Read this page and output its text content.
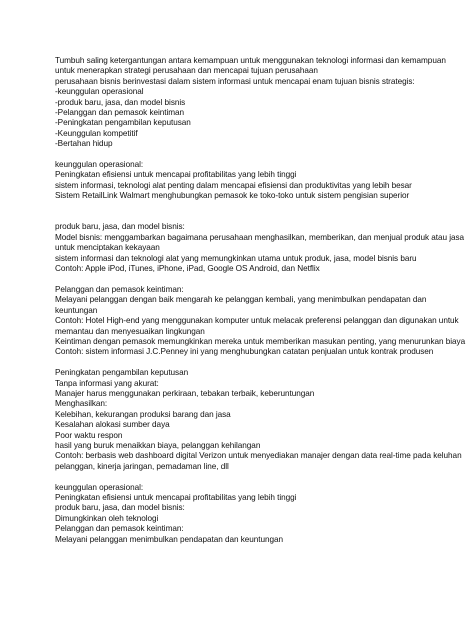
Tumbuh saling ketergantungan antara kemampuan untuk menggunakan teknologi informasi dan kemampuan untuk menerapkan strategi perusahaan dan mencapai tujuan perusahaan
perusahaan bisnis berinvestasi dalam sistem informasi untuk mencapai enam tujuan bisnis strategis:
-keunggulan operasional
-produk baru, jasa, dan model bisnis
-Pelanggan dan pemasok keintiman
-Peningkatan pengambilan keputusan
-Keunggulan kompetitif
-Bertahan hidup
keunggulan operasional:
Peningkatan efisiensi untuk mencapai profitabilitas yang lebih tinggi
sistem informasi, teknologi alat penting dalam mencapai efisiensi dan produktivitas yang lebih besar
Sistem RetailLink Walmart menghubungkan pemasok ke toko-toko untuk sistem pengisian superior
produk baru, jasa, dan model bisnis:
Model bisnis: menggambarkan bagaimana perusahaan menghasilkan, memberikan, dan menjual produk atau jasa untuk menciptakan kekayaan
sistem informasi dan teknologi alat yang memungkinkan utama untuk produk, jasa, model bisnis baru
Contoh: Apple iPod, iTunes, iPhone, iPad, Google OS Android, dan Netflix
Pelanggan dan pemasok keintiman:
Melayani pelanggan dengan baik mengarah ke pelanggan kembali, yang menimbulkan pendapatan dan keuntungan
Contoh: Hotel High-end yang menggunakan komputer untuk melacak preferensi pelanggan dan digunakan untuk memantau dan menyesuaikan lingkungan
Keintiman dengan pemasok memungkinkan mereka untuk memberikan masukan penting, yang menurunkan biaya
Contoh: sistem informasi J.C.Penney ini yang menghubungkan catatan penjualan untuk kontrak produsen
Peningkatan pengambilan keputusan
Tanpa informasi yang akurat:
Manajer harus menggunakan perkiraan, tebakan terbaik, keberuntungan
Menghasilkan:
Kelebihan, kekurangan produksi barang dan jasa
Kesalahan alokasi sumber daya
Poor waktu respon
hasil yang buruk menaikkan biaya, pelanggan kehilangan
Contoh: berbasis web dashboard digital Verizon untuk menyediakan manajer dengan data real-time pada keluhan pelanggan, kinerja jaringan, pemadaman line, dll
keunggulan operasional:
Peningkatan efisiensi untuk mencapai profitabilitas yang lebih tinggi
produk baru, jasa, dan model bisnis:
Dimungkinkan oleh teknologi
Pelanggan dan pemasok keintiman:
Melayani pelanggan menimbulkan pendapatan dan keuntungan
